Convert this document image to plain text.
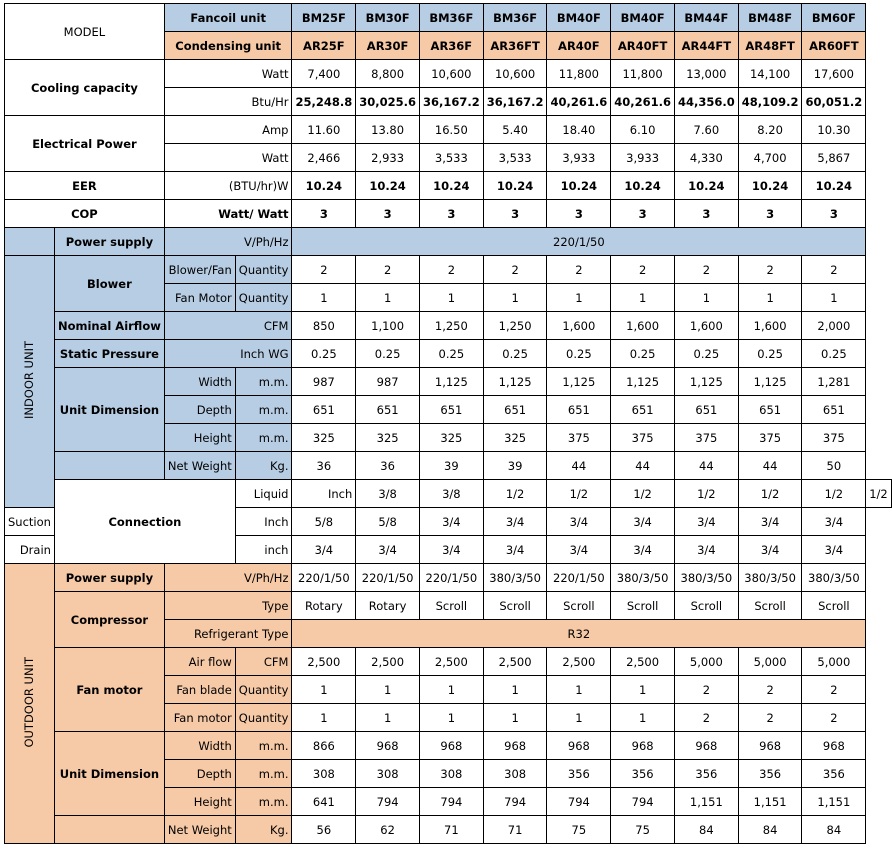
MODEL		Fancoil unit		BM25F	BM30F	BM36F	BM36F	BM40F	BM40F	BM44F	BM48F	BM60F	
		Condensing unit		AR25F	AR30F	AR36F	AR36FT	AR40F	AR40FT	AR44FT	AR48FT	AR60FT	
Cooling capacity		Watt		7,400	8,800	10,600	10,600	11,800	11,800	13,000	14,100	17,600	
		Btu/Hr		25,248.8	30,025.6	36,167.2	36,167.2	40,261.6	40,261.6	44,356.0	48,109.2	60,051.2	
Electrical Power		Amp		11.60	13.80	16.50	5.40	18.40	6.10	7.60	8.20	10.30	
		Watt		2,466	2,933	3,533	3,533	3,933	3,933	4,330	4,700	5,867	
EER		(BTU/hr)W		10.24	10.24	10.24	10.24	10.24	10.24	10.24	10.24	10.24	
COP		Watt/ Watt		3	3	3	3	3	3	3	3	3	
	Power supply	V/Ph/Hz		220/1/50									
INDOOR UNIT	Blower	Blower/Fan	Quantity	2	2	2	2	2	2	2	2	2	
		Fan Motor	Quantity	1	1	1	1	1	1	1	1	1	
	Nominal Airflow	CFM		850	1,100	1,250	1,250	1,600	1,600	1,600	1,600	2,000	
	Static Pressure	Inch WG		0.25	0.25	0.25	0.25	0.25	0.25	0.25	0.25	0.25	
	Unit Dimension	Width	m.m.	987	987	1,125	1,125	1,125	1,125	1,125	1,125	1,281	
		Depth	m.m.	651	651	651	651	651	651	651	651	651	
		Height	m.m.	325	325	325	325	375	375	375	375	375	
		Net Weight	Kg.	36	36	39	39	44	44	44	44	50	
	Connection		Liquid	Inch	3/8	3/8	1/2	1/2	1/2	1/2	1/2	1/2	1/2
Suction			Inch	5/8	5/8	3/4	3/4	3/4	3/4	3/4	3/4	3/4	
Drain			inch	3/4	3/4	3/4	3/4	3/4	3/4	3/4	3/4	3/4	
OUTDOOR UNIT	Power supply	V/Ph/Hz		220/1/50	220/1/50	220/1/50	380/3/50	220/1/50	380/3/50	380/3/50	380/3/50	380/3/50	
	Compressor	Type		Rotary	Rotary	Scroll	Scroll	Scroll	Scroll	Scroll	Scroll	Scroll	
		Refrigerant Type		R32									
	Fan motor	Air flow	CFM	2,500	2,500	2,500	2,500	2,500	2,500	5,000	5,000	5,000	
		Fan blade	Quantity	1	1	1	1	1	1	2	2	2	
		Fan motor	Quantity	1	1	1	1	1	1	2	2	2	
	Unit Dimension	Width	m.m.	866	968	968	968	968	968	968	968	968	
		Depth	m.m.	308	308	308	308	356	356	356	356	356	
		Height	m.m.	641	794	794	794	794	794	1,151	1,151	1,151	
		Net Weight	Kg.	56	62	71	71	75	75	84	84	84	
